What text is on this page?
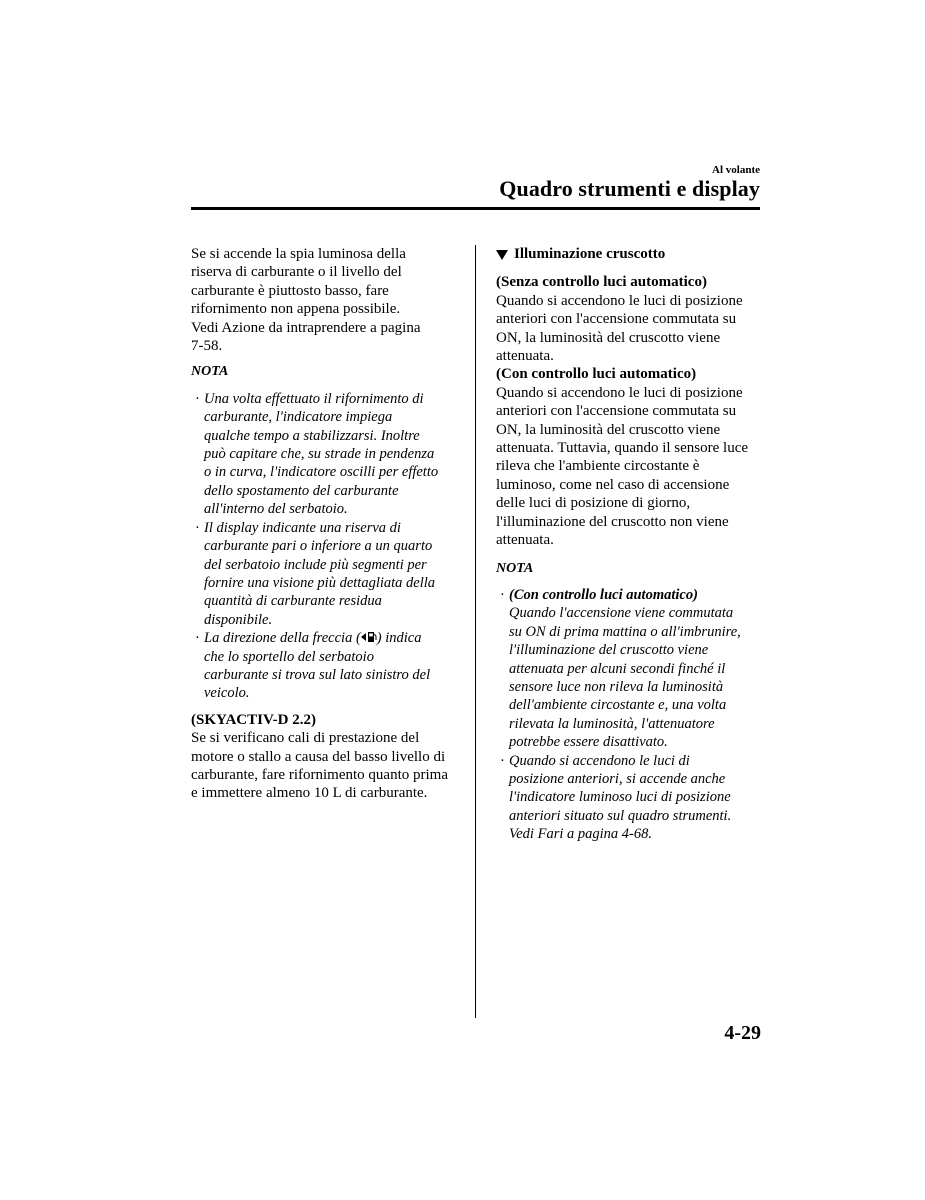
Al volante
Quadro strumenti e display

Se si accende la spia luminosa della

riserva di carburante o il livello del

carburante è piuttosto basso, fare

rifornimento non appena possibile.

Vedi Azione da intraprendere a pagina

7-58.

NOTA

· Una volta effettuato il rifornimento di

carburante, l'indicatore impiega

qualche tempo a stabilizzarsi. Inoltre

può capitare che, su strade in pendenza

o in curva, l'indicatore oscilli per effetto

dello spostamento del carburante

all'interno del serbatoio.

· Il display indicante una riserva di

carburante pari o inferiore a un quarto

del serbatoio include più segmenti per

fornire una visione più dettagliata della

quantità di carburante residua

disponibile.

· La direzione della freccia ( ) indica

che lo sportello del serbatoio

carburante si trova sul lato sinistro del

veicolo.

(SKYACTIV-D 2.2)

Se si verificano cali di prestazione del

motore o stallo a causa del basso livello di

carburante, fare rifornimento quanto prima

e immettere almeno 10 L di carburante.

Illuminazione cruscotto

(Senza controllo luci automatico)

Quando si accendono le luci di posizione

anteriori con l'accensione commutata su

ON, la luminosità del cruscotto viene

attenuata.

(Con controllo luci automatico)

Quando si accendono le luci di posizione

anteriori con l'accensione commutata su

ON, la luminosità del cruscotto viene

attenuata. Tuttavia, quando il sensore luce

rileva che l'ambiente circostante è

luminoso, come nel caso di accensione

delle luci di posizione di giorno,

l'illuminazione del cruscotto non viene

attenuata.

NOTA

· (Con controllo luci automatico)

Quando l'accensione viene commutata

su ON di prima mattina o all'imbrunire,

l'illuminazione del cruscotto viene

attenuata per alcuni secondi finché il

sensore luce non rileva la luminosità

dell'ambiente circostante e, una volta

rilevata la luminosità, l'attenuatore

potrebbe essere disattivato.

· Quando si accendono le luci di

posizione anteriori, si accende anche

l'indicatore luminoso luci di posizione

anteriori situato sul quadro strumenti.

Vedi Fari a pagina 4-68.

4-29
